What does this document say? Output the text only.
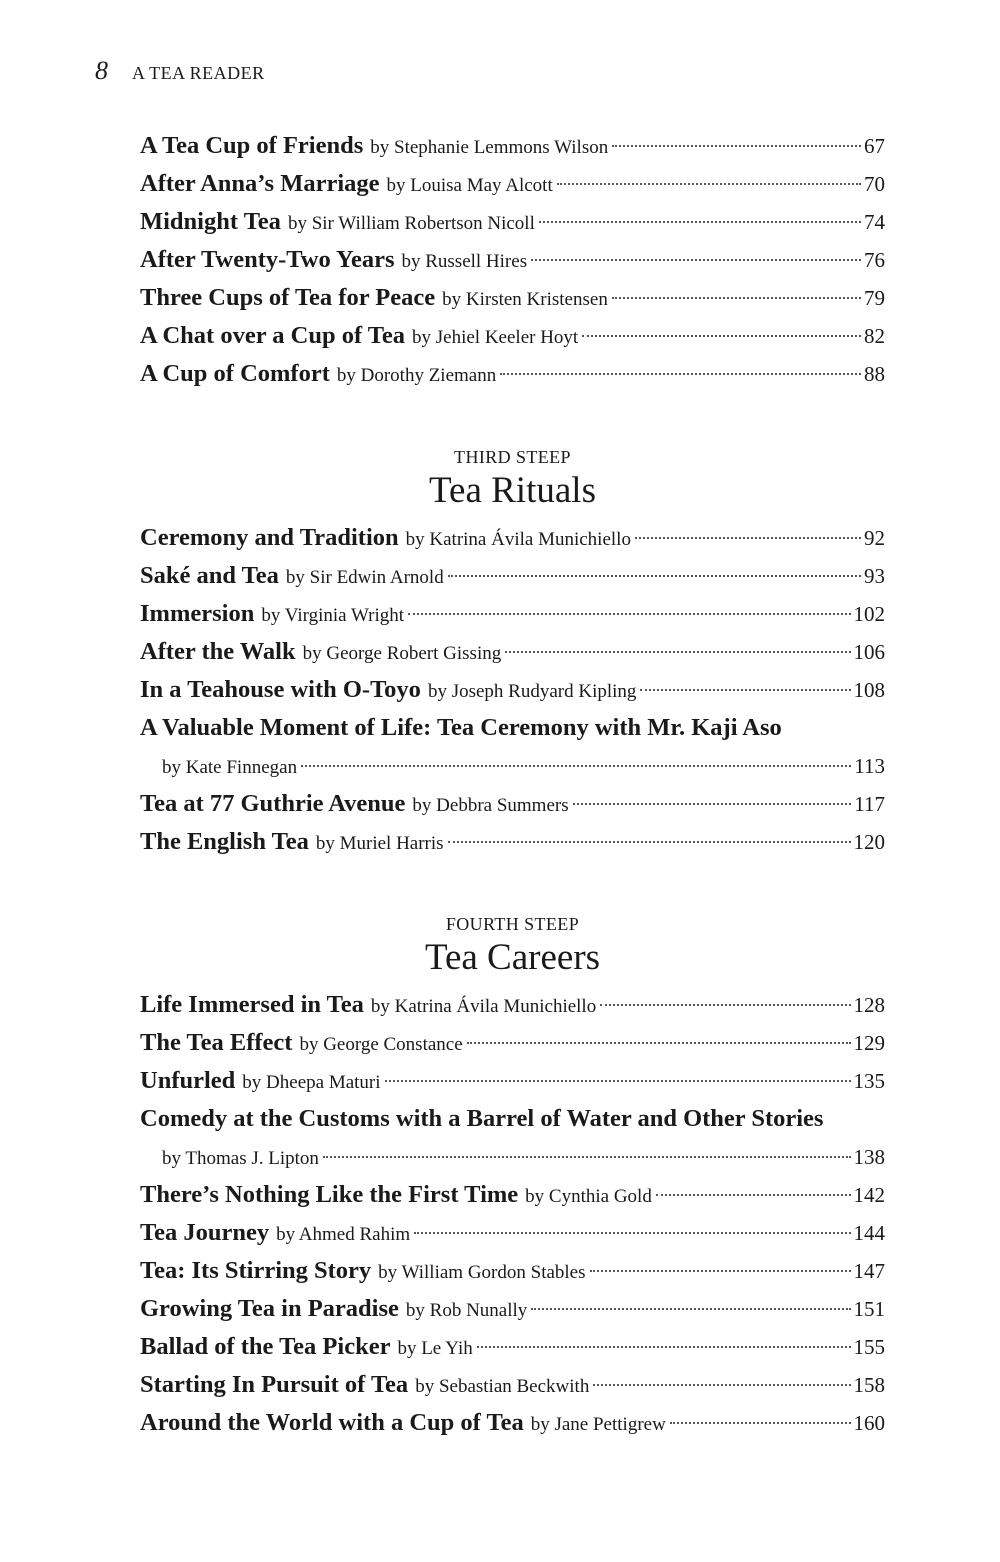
8 A TEA READER
A Tea Cup of Friends by Stephanie Lemmons Wilson	67
After Anna’s Marriage by Louisa May Alcott	70
Midnight Tea by Sir William Robertson Nicoll	74
After Twenty-Two Years by Russell Hires	76
Three Cups of Tea for Peace by Kirsten Kristensen	79
A Chat over a Cup of Tea by Jehiel Keeler Hoyt	82
A Cup of Comfort by Dorothy Ziemann	88
THIRD STEEP
Tea Rituals
Ceremony and Tradition by Katrina Ávila Munichiello	92
Saké and Tea by Sir Edwin Arnold	93
Immersion by Virginia Wright	102
After the Walk by George Robert Gissing	106
In a Teahouse with O-Toyo by Joseph Rudyard Kipling	108
A Valuable Moment of Life: Tea Ceremony with Mr. Kaji Aso
by Kate Finnegan	113
Tea at 77 Guthrie Avenue by Debbra Summers	117
The English Tea by Muriel Harris	120
FOURTH STEEP
Tea Careers
Life Immersed in Tea by Katrina Ávila Munichiello	128
The Tea Effect by George Constance	129
Unfurled by Dheepa Maturi	135
Comedy at the Customs with a Barrel of Water and Other Stories
by Thomas J. Lipton	138
There’s Nothing Like the First Time by Cynthia Gold	142
Tea Journey by Ahmed Rahim	144
Tea: Its Stirring Story by William Gordon Stables	147
Growing Tea in Paradise by Rob Nunally	151
Ballad of the Tea Picker by Le Yih	155
Starting In Pursuit of Tea by Sebastian Beckwith	158
Around the World with a Cup of Tea by Jane Pettigrew	160
